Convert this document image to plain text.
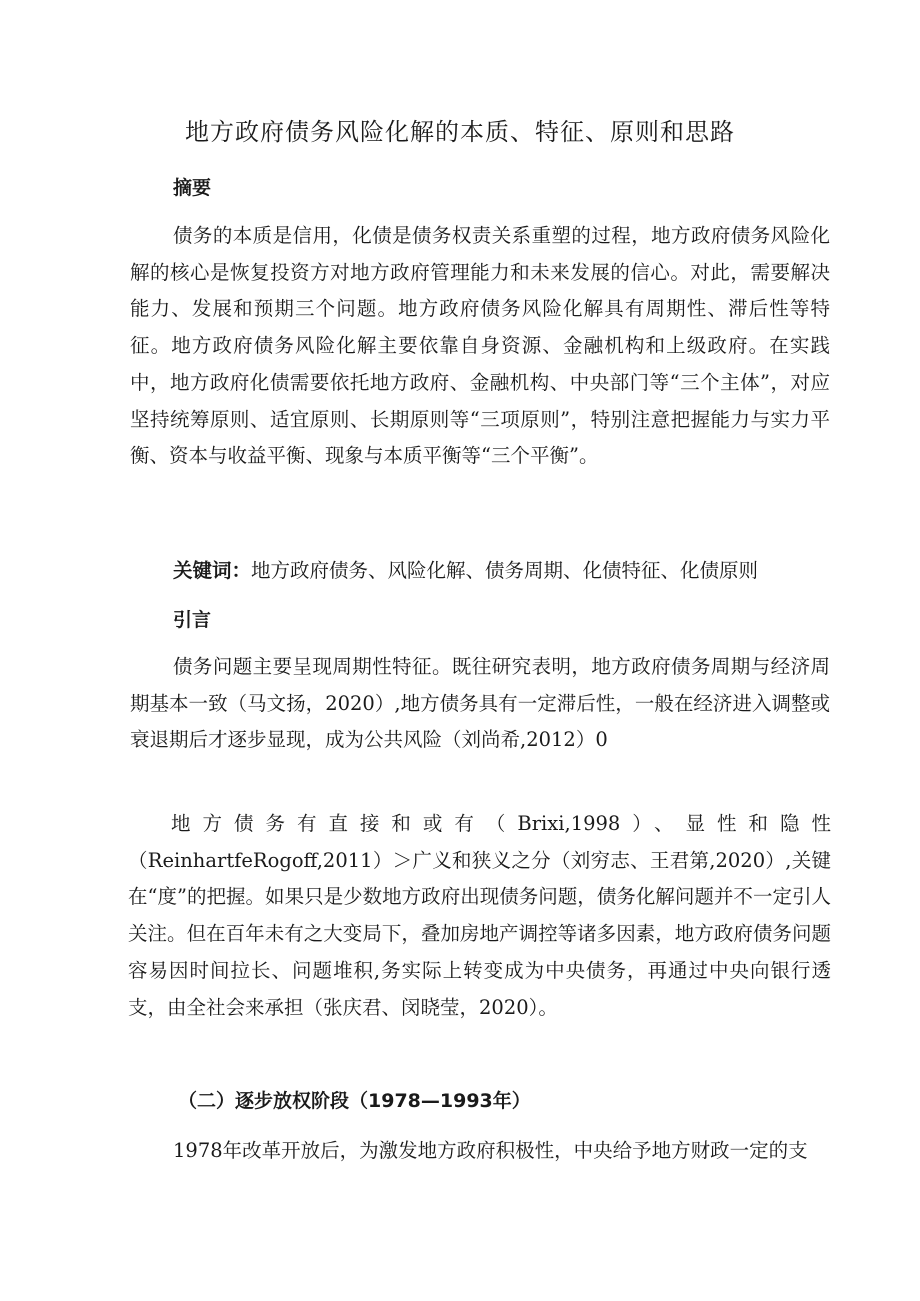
地方政府债务风险化解的本质、特征、原则和思路
摘要

债务的本质是信用，化债是债务权责关系重塑的过程，地方政府债务风险化解的核心是恢复投资方对地方政府管理能力和未来发展的信心。对此，需要解决能力、发展和预期三个问题。地方政府债务风险化解具有周期性、滞后性等特征。地方政府债务风险化解主要依靠自身资源、金融机构和上级政府。在实践中，地方政府化债需要依托地方政府、金融机构、中央部门等“三个主体”，对应坚持统筹原则、适宜原则、长期原则等“三项原则”，特别注意把握能力与实力平衡、资本与收益平衡、现象与本质平衡等“三个平衡”。

关键词：地方政府债务、风险化解、债务周期、化债特征、化债原则
引言

债务问题主要呈现周期性特征。既往研究表明，地方政府债务周期与经济周期基本一致（马文扬，2020）,地方债务具有一定滞后性，一般在经济进入调整或衰退期后才逐步显现，成为公共风险（刘尚希,2012）0

地方债务有直接和或有（Brixi,1998）、显性和隐性（ReinhartfeRogoff,2011）＞广义和狭义之分（刘穷志、王君第,2020）,关键在“度”的把握。如果只是少数地方政府出现债务问题，债务化解问题并不一定引人关注。但在百年未有之大变局下，叠加房地产调控等诸多因素，地方政府债务问题容易因时间拉长、问题堆积,务实际上转变成为中央债务，再通过中央向银行透支，由全社会来承担（张庆君、闵晓莹，2020）。

（二）逐步放权阶段（1978—1993年）

1978年改革开放后，为激发地方政府积极性，中央给予地方财政一定的支
